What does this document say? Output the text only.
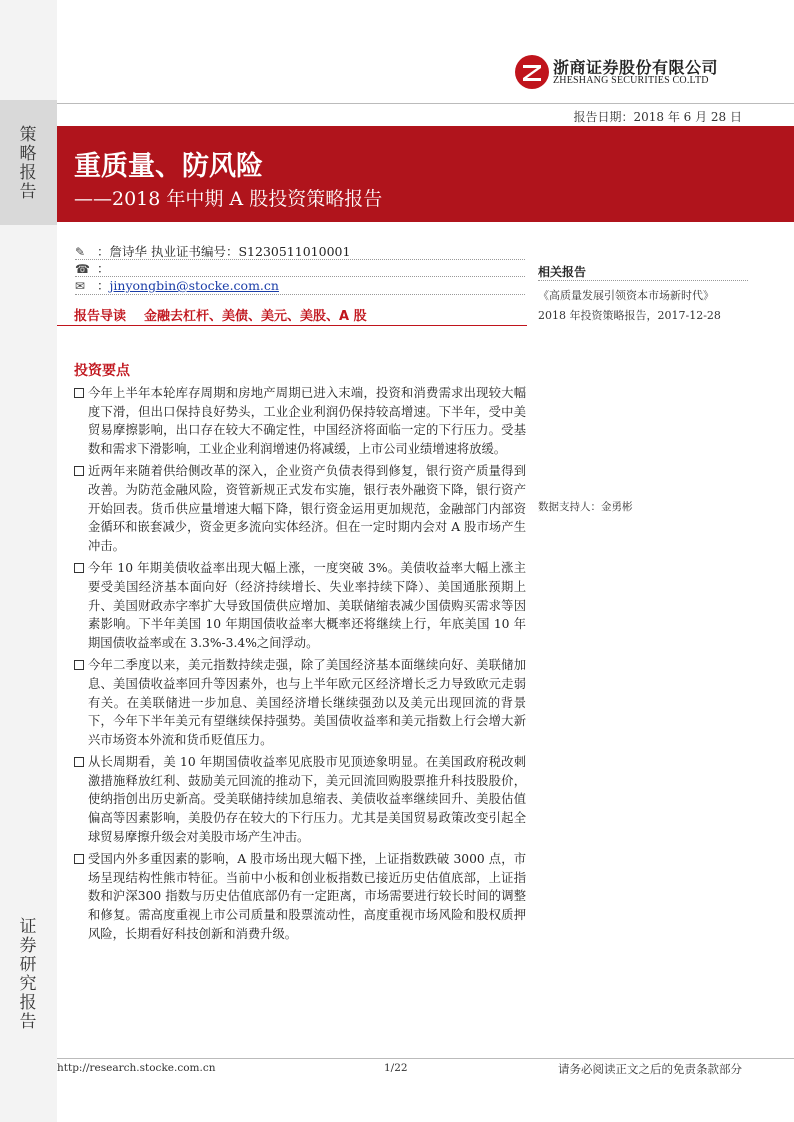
策
略
报
告
证
券
研
究
报
告
浙商证券股份有限公司
ZHESHANG SECURITIES CO.LTD
报告日期：2018 年 6 月 28 日
重质量、防风险
——2018 年中期 A 股投资策略报告
✎ ：詹诗华 执业证书编号：S1230511010001
☎ ：
✉ ：jinyongbin@stocke.com.cn
报告导读 金融去杠杆、美债、美元、美股、A 股
投资要点
今年上半年本轮库存周期和房地产周期已进入末端，投资和消费需求出现较大幅度下滑，但出口保持良好势头，工业企业利润仍保持较高增速。下半年，受中美贸易摩擦影响，出口存在较大不确定性，中国经济将面临一定的下行压力。受基数和需求下滑影响，工业企业利润增速仍将减缓，上市公司业绩增速将放缓。
近两年来随着供给侧改革的深入，企业资产负债表得到修复，银行资产质量得到改善。为防范金融风险，资管新规正式发布实施，银行表外融资下降，银行资产开始回表。货币供应量增速大幅下降，银行资金运用更加规范，金融部门内部资金循环和嵌套减少，资金更多流向实体经济。但在一定时期内会对 A 股市场产生冲击。
今年 10 年期美债收益率出现大幅上涨，一度突破 3%。美债收益率大幅上涨主要受美国经济基本面向好（经济持续增长、失业率持续下降）、美国通胀预期上升、美国财政赤字率扩大导致国债供应增加、美联储缩表减少国债购买需求等因素影响。下半年美国 10 年期国债收益率大概率还将继续上行，年底美国 10 年期国债收益率或在 3.3%-3.4%之间浮动。
今年二季度以来，美元指数持续走强，除了美国经济基本面继续向好、美联储加息、美国债收益率回升等因素外，也与上半年欧元区经济增长乏力导致欧元走弱有关。在美联储进一步加息、美国经济增长继续强劲以及美元出现回流的背景下，今年下半年美元有望继续保持强势。美国债收益率和美元指数上行会增大新兴市场资本外流和货币贬值压力。
从长周期看，美 10 年期国债收益率见底股市见顶迹象明显。在美国政府税改刺激措施释放红利、鼓励美元回流的推动下，美元回流回购股票推升科技股股价，使纳指创出历史新高。受美联储持续加息缩表、美债收益率继续回升、美股估值偏高等因素影响，美股仍存在较大的下行压力。尤其是美国贸易政策改变引起全球贸易摩擦升级会对美股市场产生冲击。
受国内外多重因素的影响，A 股市场出现大幅下挫，上证指数跌破 3000 点，市场呈现结构性熊市特征。当前中小板和创业板指数已接近历史估值底部，上证指数和沪深300 指数与历史估值底部仍有一定距离，市场需要进行较长时间的调整和修复。需高度重视上市公司质量和股票流动性，高度重视市场风险和股权质押风险，长期看好科技创新和消费升级。
相关报告
《高质量发展引领资本市场新时代》
2018 年投资策略报告，2017-12-28
数据支持人：金勇彬
http://research.stocke.com.cn	1/22	请务必阅读正文之后的免责条款部分
